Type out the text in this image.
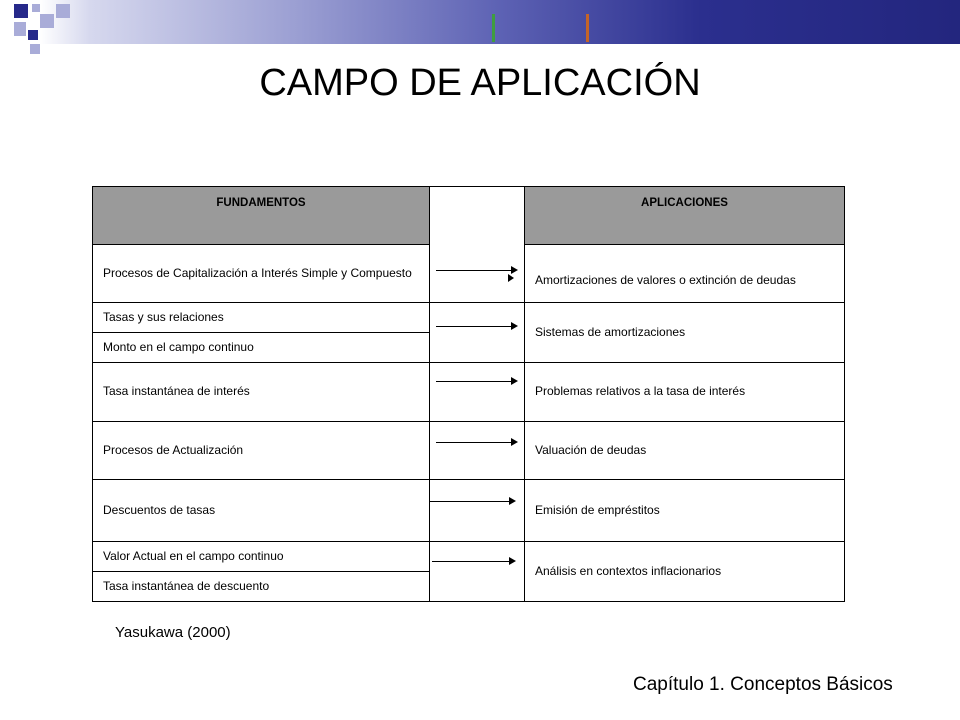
CAMPO DE APLICACIÓN
FUNDAMENTOS		APLICACIONES
Procesos de Capitalización a Interés Simple y Compuesto		Amortizaciones de valores o extinción de deudas
Tasas y sus relaciones		Sistemas de amortizaciones
Monto en el campo continuo		
Tasa instantánea de interés		Problemas relativos a la tasa de interés
Procesos de Actualización		Valuación de deudas
Descuentos de tasas		Emisión de empréstitos
Valor Actual en el campo continuo		Análisis en contextos inflacionarios
Tasa instantánea de descuento		
Yasukawa (2000)
Capítulo 1. Conceptos Básicos
